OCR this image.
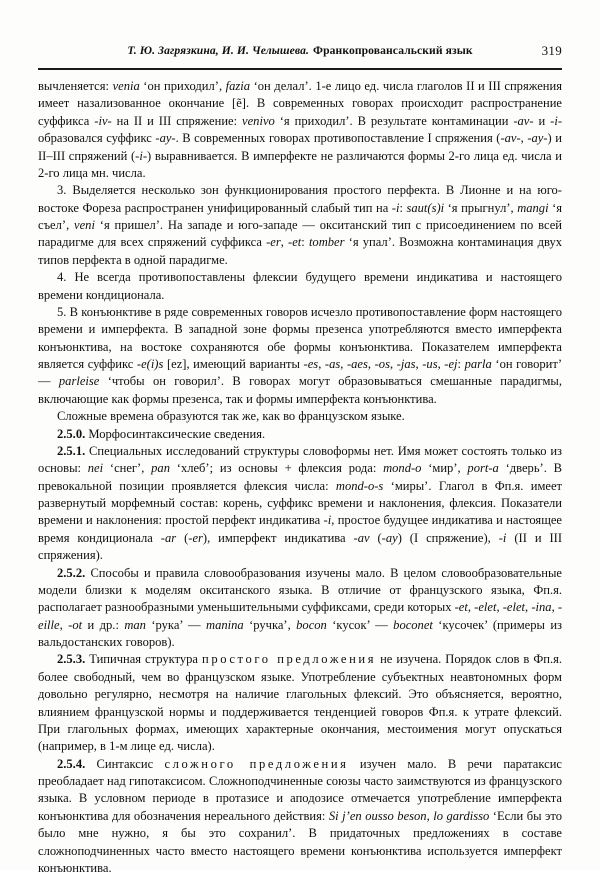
Т. Ю. Загрязкина, И. И. Челышева. Франкопровансальский язык	319

вычленяется: venia ‘он приходил’, fazia ‘он делал’. 1-е лицо ед. числа глаголов II и III спряжения имеет назализованное окончание [ẽ]. В современных говорах происходит распространение суффикса -iv- на II и III спряжение: venivo ‘я приходил’. В результате контаминации -av- и -i- образовался суффикс -ay-. В современных говорах противопоставление I спряжения (-av-, -ay-) и II–III спряжений (-i-) выравнивается. В имперфекте не различаются формы 2-го лица ед. числа и 2-го лица мн. числа.

3. Выделяется несколько зон функционирования простого перфекта. В Лионне и на юго-востоке Фореза распространен унифицированный слабый тип на -i: saut(s)i ‘я прыгнул’, mangi ‘я съел’, veni ‘я пришел’. На западе и юго-западе — окситанский тип с присоединением по всей парадигме для всех спряжений суффикса -er, -et: tomber ‘я упал’. Возможна контаминация двух типов перфекта в одной парадигме.

4. Не всегда противопоставлены флексии будущего времени индикатива и настоящего времени кондиционала.

5. В конъюнктиве в ряде современных говоров исчезло противопоставление форм настоящего времени и имперфекта. В западной зоне формы презенса употребляются вместо имперфекта конъюнктива, на востоке сохраняются обе формы конъюнктива. Показателем имперфекта является суффикс -e(i)s [ez], имеющий варианты -es, -as, -aes, -os, -jas, -us, -ej: parla ‘он говорит’ — parleise ‘чтобы он говорил’. В говорах могут образовываться смешанные парадигмы, включающие как формы презенса, так и формы имперфекта конъюнктива.

Сложные времена образуются так же, как во французском языке.

2.5.0. Морфосинтаксические сведения.

2.5.1. Специальных исследований структуры словоформы нет. Имя может состоять только из основы: nei ‘снег’, pan ‘хлеб’; из основы + флексия рода: mond-o ‘мир’, port-a ‘дверь’. В превокальной позиции проявляется флексия числа: mond-o-s ‘миры’. Глагол в Фп.я. имеет развернутый морфемный состав: корень, суффикс времени и наклонения, флексия. Показатели времени и наклонения: простой перфект индикатива -i, простое будущее индикатива и настоящее время кондиционала -ar (-er), имперфект индикатива -av (-ay) (I спряжение), -i (II и III спряжения).

2.5.2. Способы и правила словообразования изучены мало. В целом словообразовательные модели близки к моделям окситанского языка. В отличие от французского языка, Фп.я. располагает разнообразными уменьшительными суффиксами, среди которых -et, -elet, -elet, -ina, -eille, -ot и др.: man ‘рука’ — manina ‘ручка’, bocon ‘кусок’ — boconet ‘кусочек’ (примеры из вальдостанских говоров).

2.5.3. Типичная структура простого предложения не изучена. Порядок слов в Фп.я. более свободный, чем во французском языке. Употребление субъектных неавтономных форм довольно регулярно, несмотря на наличие глагольных флексий. Это объясняется, вероятно, влиянием французской нормы и поддерживается тенденцией говоров Фп.я. к утрате флексий. При глагольных формах, имеющих характерные окончания, местоимения могут опускаться (например, в 1-м лице ед. числа).

2.5.4. Синтаксис сложного предложения изучен мало. В речи паратаксис преобладает над гипотаксисом. Сложноподчиненные союзы часто заимствуются из французского языка. В условном периоде в протазисе и аподозисе отмечается употребление имперфекта конъюнктива для обозначения нереального действия: Si j’en ousso beson, lo gardisso ‘Если бы это было мне нужно, я бы это сохранил’. В придаточных предложениях в составе сложноподчиненных часто вместо настоящего времени конъюнктива используется имперфект конъюнктива.
